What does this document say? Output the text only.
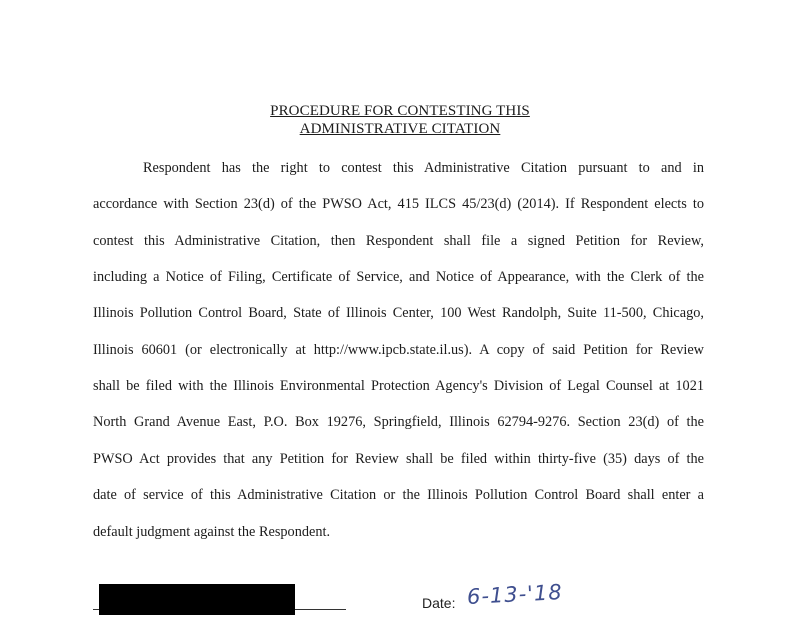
PROCEDURE FOR CONTESTING THIS
ADMINISTRATIVE CITATION
Respondent has the right to contest this Administrative Citation pursuant to and in
accordance with Section 23(d) of the PWSO Act, 415 ILCS 45/23(d) (2014). If Respondent elects to
contest this Administrative Citation, then Respondent shall file a signed Petition for Review,
including a Notice of Filing, Certificate of Service, and Notice of Appearance, with the Clerk of the
Illinois Pollution Control Board, State of Illinois Center, 100 West Randolph, Suite 11-500, Chicago,
Illinois 60601 (or electronically at http://www.ipcb.state.il.us). A copy of said Petition for Review
shall be filed with the Illinois Environmental Protection Agency's Division of Legal Counsel at 1021
North Grand Avenue East, P.O. Box 19276, Springfield, Illinois 62794-9276. Section 23(d) of the
PWSO Act provides that any Petition for Review shall be filed within thirty-five (35) days of the
date of service of this Administrative Citation or the Illinois Pollution Control Board shall enter a
default judgment against the Respondent.
Date: 6-13-'18
